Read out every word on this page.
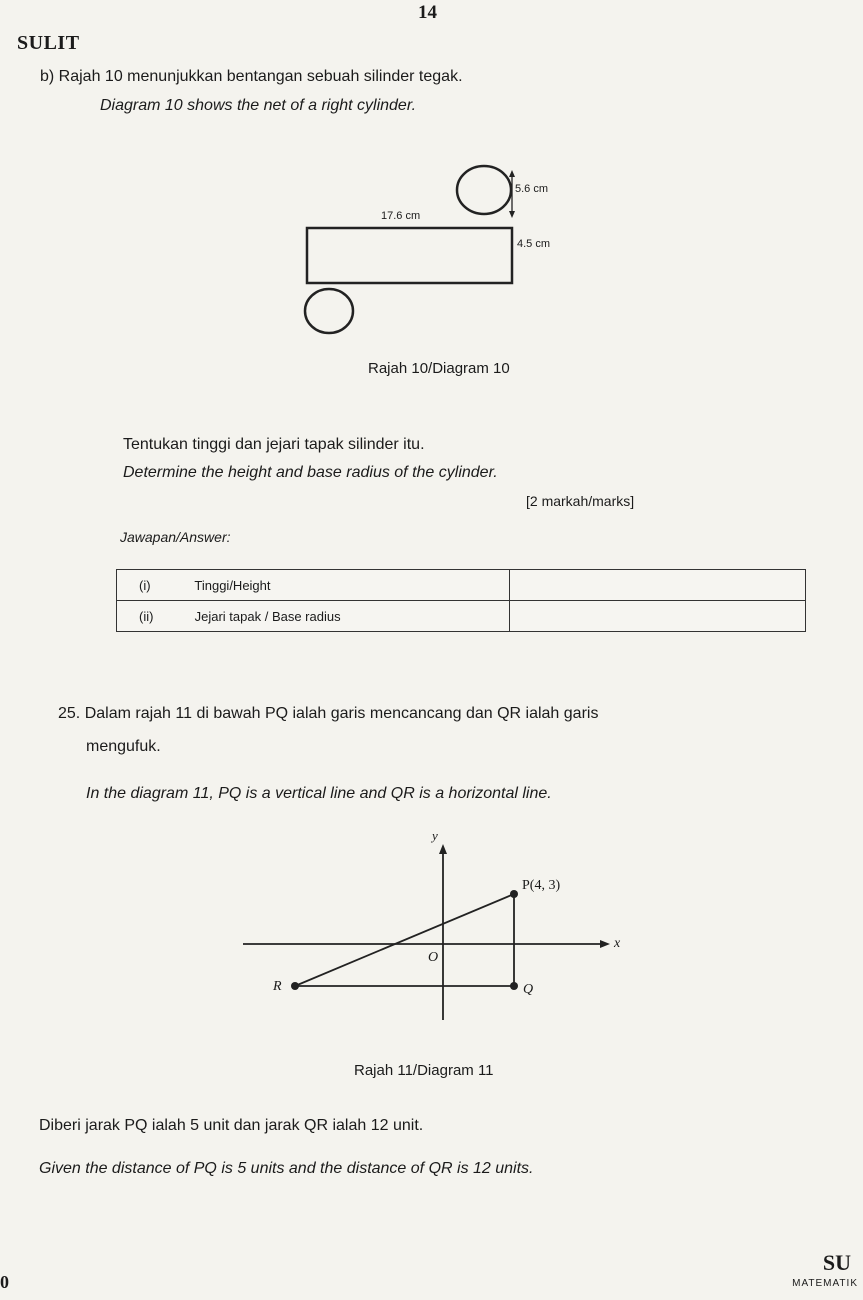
14
SULIT
b) Rajah 10 menunjukkan bentangan sebuah silinder tegak.
Diagram 10 shows the net of a right cylinder.
5.6 cm
17.6 cm
4.5 cm
Rajah 10/Diagram 10
Tentukan tinggi dan jejari tapak silinder itu.
Determine the height and base radius of the cylinder.
[2 markah/marks]
Jawapan/Answer:
(i) Tinggi/Height	
(ii) Jejari tapak / Base radius	
25. Dalam rajah 11 di bawah PQ ialah garis mencancang dan QR ialah garis
mengufuk.
In the diagram 11, PQ is a vertical line and QR is a horizontal line.
y
x
O
P(4, 3)
R	Q
Rajah 11/Diagram 11
Diberi jarak PQ ialah 5 unit dan jarak QR ialah 12 unit.
Given the distance of PQ is 5 units and the distance of QR is 12 units.
SU
MATEMATIK
0
